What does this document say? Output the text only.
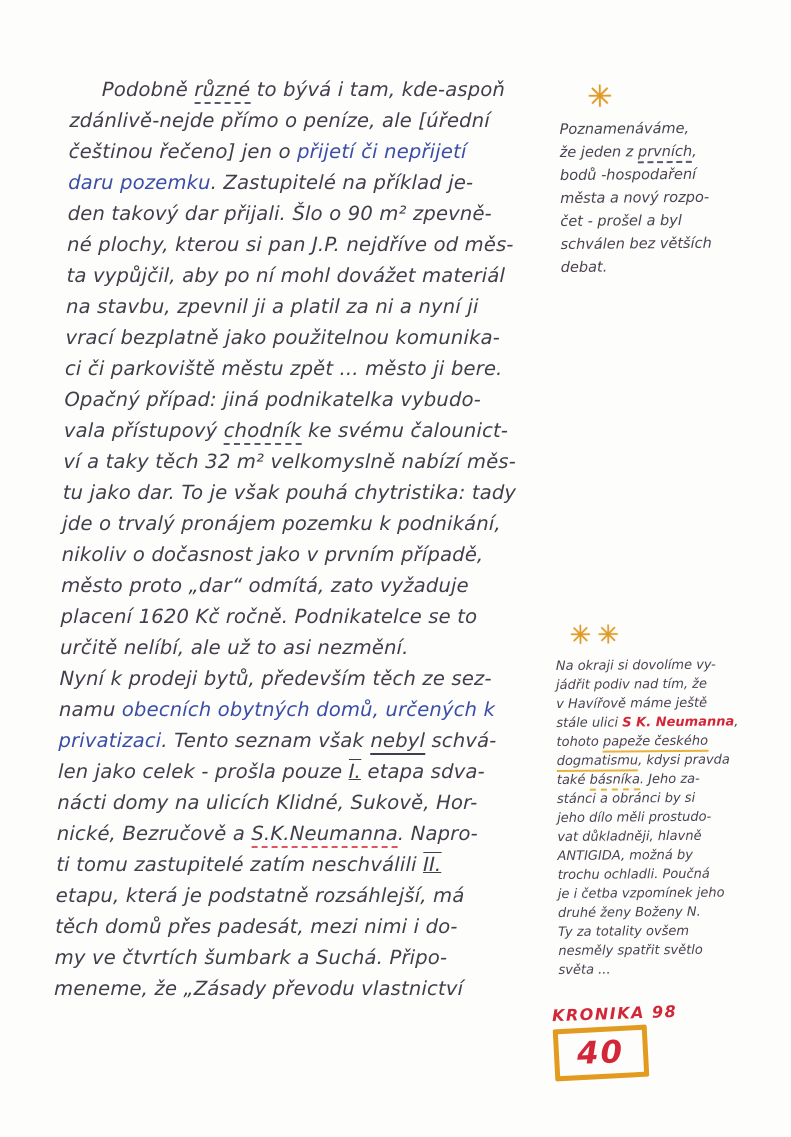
Podobně různé to bývá i tam, kde-aspoň
zdánlivě-nejde přímo o peníze, ale [úřední
češtinou řečeno] jen o přijetí či nepřijetí
daru pozemku. Zastupitelé na příklad je-
den takový dar přijali. Šlo o 90 m² zpevně-
né plochy, kterou si pan J.P. nejdříve od měs-
ta vypůjčil, aby po ní mohl dovážet materiál
na stavbu, zpevnil ji a platil za ni a nyní ji
vrací bezplatně jako použitelnou komunika-
ci či parkoviště městu zpět ... město ji bere.
Opačný případ: jiná podnikatelka vybudo-
vala přístupový chodník ke svému čalounict-
ví a taky těch 32 m² velkomyslně nabízí měs-
tu jako dar. To je však pouhá chytristika: tady
jde o trvalý pronájem pozemku k podnikání,
nikoliv o dočasnost jako v prvním případě,
město proto „dar“ odmítá, zato vyžaduje
placení 1620 Kč ročně. Podnikatelce se to
určitě nelíbí, ale už to asi nezmění.
Nyní k prodeji bytů, především těch ze sez-
namu obecních obytných domů, určených k
privatizaci. Tento seznam však nebyl schvá-
len jako celek - prošla pouze I. etapa sdva-
nácti domy na ulicích Klidné, Sukově, Hor-
nické, Bezručově a S.K.Neumanna. Napro-
ti tomu zastupitelé zatím neschválili II.
etapu, která je podstatně rozsáhlejší, má
těch domů přes padesát, mezi nimi i do-
my ve čtvrtích šumbark a Suchá. Připo-
meneme, že „Zásady převodu vlastnictví
✳
Poznamenáváme,
že jeden z prvních,
bodů -hospodaření
města a nový rozpo-
čet - prošel a byl
schválen bez větších
debat.
✳✳
Na okraji si dovolíme vy-
jádřit podiv nad tím, že
v Havířově máme ještě
stále ulici S K. Neumanna,
tohoto papeže českého
dogmatismu, kdysi pravda
také básníka. Jeho za-
stánci a obránci by si
jeho dílo měli prostudo-
vat důkladněji, hlavně
ANTIGIDA, možná by
trochu ochladli. Poučná
je i četba vzpomínek jeho
druhé ženy Boženy N.
Ty za totality ovšem
nesměly spatřit světlo
světa ...
KRONIKA 98
40
